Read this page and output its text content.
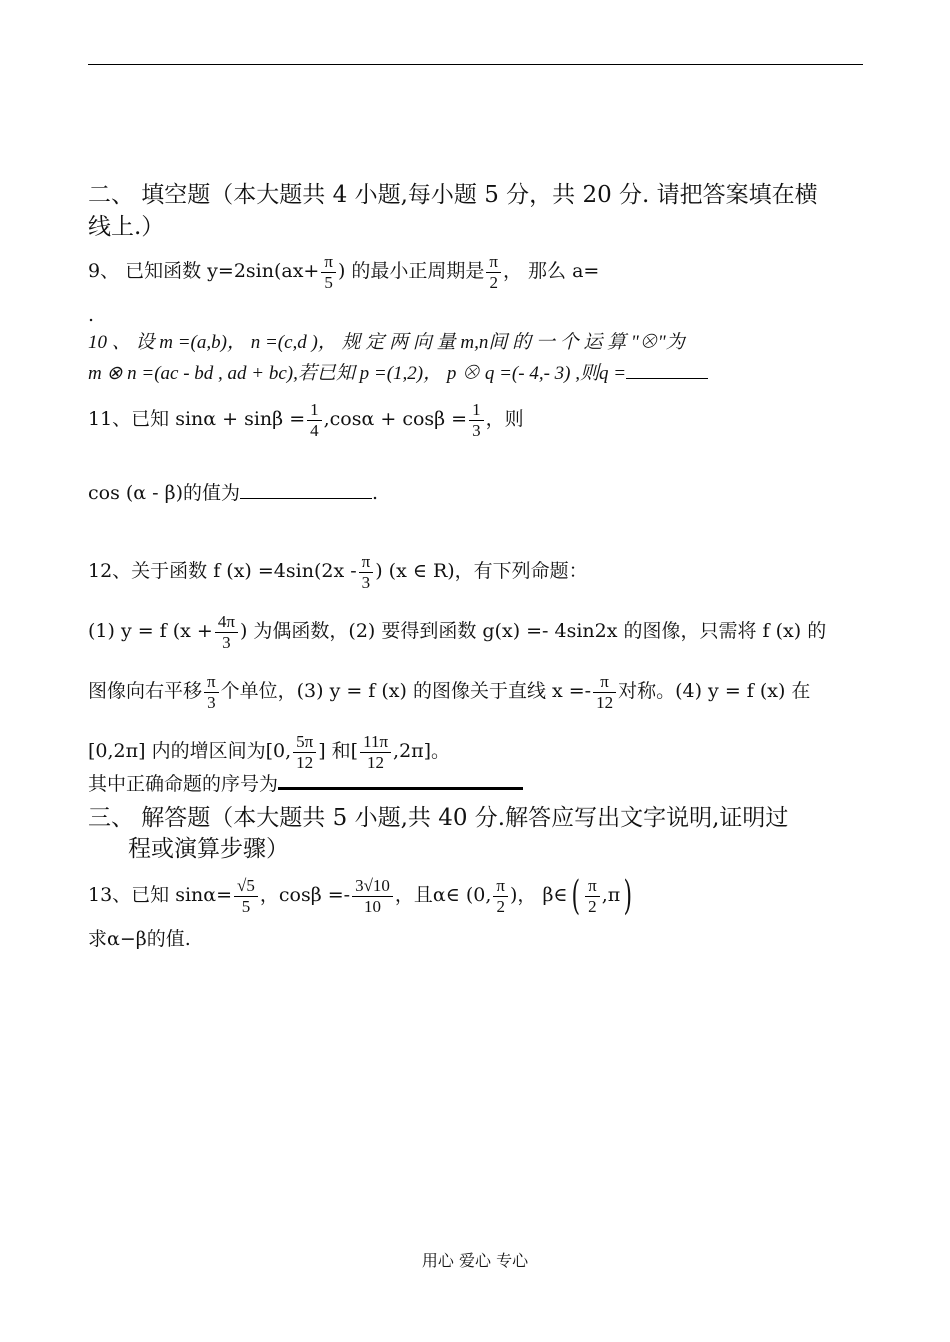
二、 填空题（本大题共 4 小题,每小题 5 分，共 20 分. 请把答案填在横
线上.）
9、 已知函数 $y=2\sin(ax+ \frac{\pi}{5}$ ) 的最小正周期是 $\frac{\pi}{2}$ ， 那么 a=
.
10 、 设 m =(a,b)， n =(c,d )， 规 定 两 向 量 m,n间 的 一 个 运 算 "⊗"为
m ⊗ n =(ac - bd , ad + bc),若已知 p =(1,2)， p ⊗ q =(- 4,- 3) ,则q =
11、已知 $\sin\alpha + \sin\beta = \frac{1}{4} ,\cos\alpha + \cos\beta = \frac{1}{3}$ ，则
cos (α - β)的值为	.
12、关于函数 f $(x) =4\sin(2x - \frac{\pi}{3}$ ) (x ∈ R)，有下列命题：
(1) y = f ($x + \frac{4\pi}{3}$ ) 为偶函数，(2) 要得到函数 g(x) =- 4sin2x 的图像，只需将 f (x) 的
图像向右平移 $\frac{\pi}{3}$ 个单位，(3) y = f (x) 的图像关于直线 $x =- \frac{\pi}{12}$ 对称。(4) y = f (x) 在
[0,2π] 内的增区间为[0, $\frac{5\pi}{12}$ ] 和[ $\frac{11\pi}{12} ,2\pi$]。
其中正确命题的序号为
三、 解答题（本大题共 5 小题,共 40 分.解答应写出文字说明,证明过
程或演算步骤）
13、已知 $\sin\alpha= \frac{√5}{5}$ ，$\cos\beta =- \frac{3√10}{10}$ ，且α∈ (0, $\frac{\pi}{2}$ )， β∈( $\frac{\pi}{2} ,\pi$)
求α−β的值.
用心 爱心 专心
